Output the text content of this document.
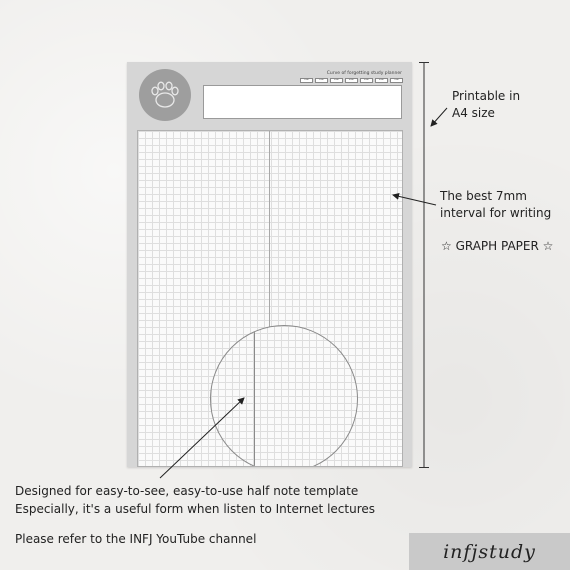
Curve of forgetting study planner
1DAY	2DAY	3DAY	4DAY	5DAY	6DAY	7DAY
Printable in
A4 size
The best 7mm
interval for writing
☆ GRAPH PAPER ☆
Designed for easy-to-see, easy-to-use half note template
Especially, it's a useful form when listen to Internet lectures
Please refer to the INFJ YouTube channel
infjstudy
